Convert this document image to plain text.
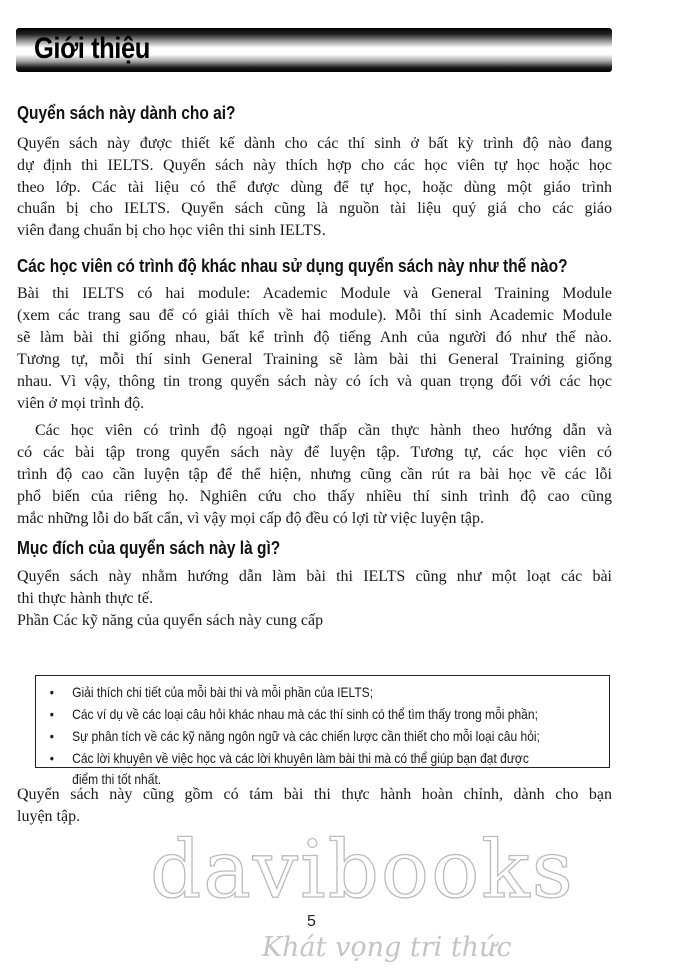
Giới thiệu
Quyển sách này dành cho ai?
Quyển sách này được thiết kế dành cho các thí sinh ở bất kỳ trình độ nào đang
dự định thi IELTS. Quyển sách này thích hợp cho các học viên tự học hoặc học
theo lớp. Các tài liệu có thể được dùng để tự học, hoặc dùng một giáo trình
chuẩn bị cho IELTS. Quyển sách cũng là nguồn tài liệu quý giá cho các giáo
viên đang chuẩn bị cho học viên thi sinh IELTS.
Các học viên có trình độ khác nhau sử dụng quyển sách này như thế nào?
Bài thi IELTS có hai module: Academic Module và General Training Module
(xem các trang sau để có giải thích về hai module). Mỗi thí sinh Academic Module
sẽ làm bài thi giống nhau, bất kể trình độ tiếng Anh của người đó như thế nào.
Tương tự, mỗi thí sinh General Training sẽ làm bài thi General Training giống
nhau. Vì vậy, thông tin trong quyển sách này có ích và quan trọng đối với các học
viên ở mọi trình độ.
Các học viên có trình độ ngoại ngữ thấp cần thực hành theo hướng dẫn và
có các bài tập trong quyển sách này để luyện tập. Tương tự, các học viên có
trình độ cao cần luyện tập để thể hiện, nhưng cũng cần rút ra bài học về các lỗi
phổ biến của riêng họ. Nghiên cứu cho thấy nhiều thí sinh trình độ cao cũng
mắc những lỗi do bất cẩn, vì vậy mọi cấp độ đều có lợi từ việc luyện tập.
Mục đích của quyển sách này là gì?
Quyển sách này nhằm hướng dẫn làm bài thi IELTS cũng như một loạt các bài
thi thực hành thực tế.
Phần Các kỹ năng của quyển sách này cung cấp
• Giải thích chi tiết của mỗi bài thi và mỗi phần của IELTS;
• Các ví dụ về các loại câu hỏi khác nhau mà các thí sinh có thể tìm thấy trong mỗi phần;
• Sự phân tích về các kỹ năng ngôn ngữ và các chiến lược cần thiết cho mỗi loại câu hỏi;
• Các lời khuyên về việc học và các lời khuyên làm bài thi mà có thể giúp bạn đạt được
điểm thi tốt nhất.
Quyển sách này cũng gồm có tám bài thi thực hành hoàn chỉnh, dành cho bạn
luyện tập.
davibooks
5
Khát vọng tri thức
